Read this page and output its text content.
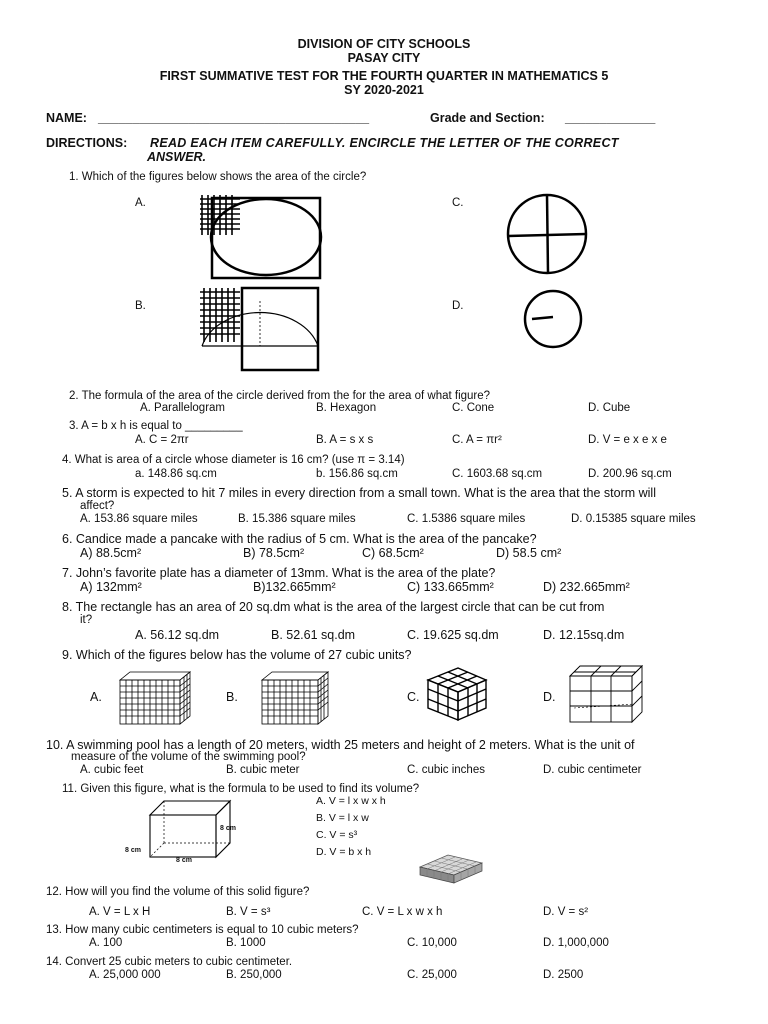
DIVISION OF CITY SCHOOLS
PASAY CITY
FIRST SUMMATIVE TEST FOR THE FOURTH QUARTER IN MATHEMATICS 5
SY 2020-2021
NAME: _______________________________________	Grade and Section: _____________
DIRECTIONS: READ EACH ITEM CAREFULLY. ENCIRCLE THE LETTER OF THE CORRECT
ANSWER.
1. Which of the figures below shows the area of the circle?
A.	C.
B.	D.
2. The formula of the area of the circle derived from the for the area of what figure?
A. Parallelogram	B. Hexagon	C. Cone	D. Cube
3. A = b x h is equal to _________
A. C = 2πr	B. A = s x s	C. A = πr²	D. V = e x e x e
4. What is area of a circle whose diameter is 16 cm? (use π = 3.14)
a. 148.86 sq.cm	b. 156.86 sq.cm	C. 1603.68 sq.cm	D. 200.96 sq.cm
5. A storm is expected to hit 7 miles in every direction from a small town. What is the area that the storm will
affect?
A. 153.86 square miles	B. 15.386 square miles	C. 1.5386 square miles	D. 0.15385 square miles
6. Candice made a pancake with the radius of 5 cm. What is the area of the pancake?
A) 88.5cm²	B) 78.5cm²	C) 68.5cm²	D) 58.5 cm²
7. John’s favorite plate has a diameter of 13mm. What is the area of the plate?
A) 132mm²	B)132.665mm²	C) 133.665mm²	D) 232.665mm²
8. The rectangle has an area of 20 sq.dm what is the area of the largest circle that can be cut from
it?
A. 56.12 sq.dm	B. 52.61 sq.dm	C. 19.625 sq.dm	D. 12.15sq.dm
9. Which of the figures below has the volume of 27 cubic units?
A.	B.	C.	D.
10. A swimming pool has a length of 20 meters, width 25 meters and height of 2 meters. What is the unit of
measure of the volume of the swimming pool?
A. cubic feet	B. cubic meter	C. cubic inches	D. cubic centimeter
11. Given this figure, what is the formula to be used to find its volume?
A. V = l x w x h
B. V = l x w
C. V = s³
D. V = b x h
8 cm
8 cm
8 cm
12. How will you find the volume of this solid figure?
A. V = L x H	B. V = s³	C. V = L x w x h	D. V = s²
13. How many cubic centimeters is equal to 10 cubic meters?
A. 100	B. 1000	C. 10,000	D. 1,000,000
14. Convert 25 cubic meters to cubic centimeter.
A. 25,000 000	B. 250,000	C. 25,000	D. 2500
